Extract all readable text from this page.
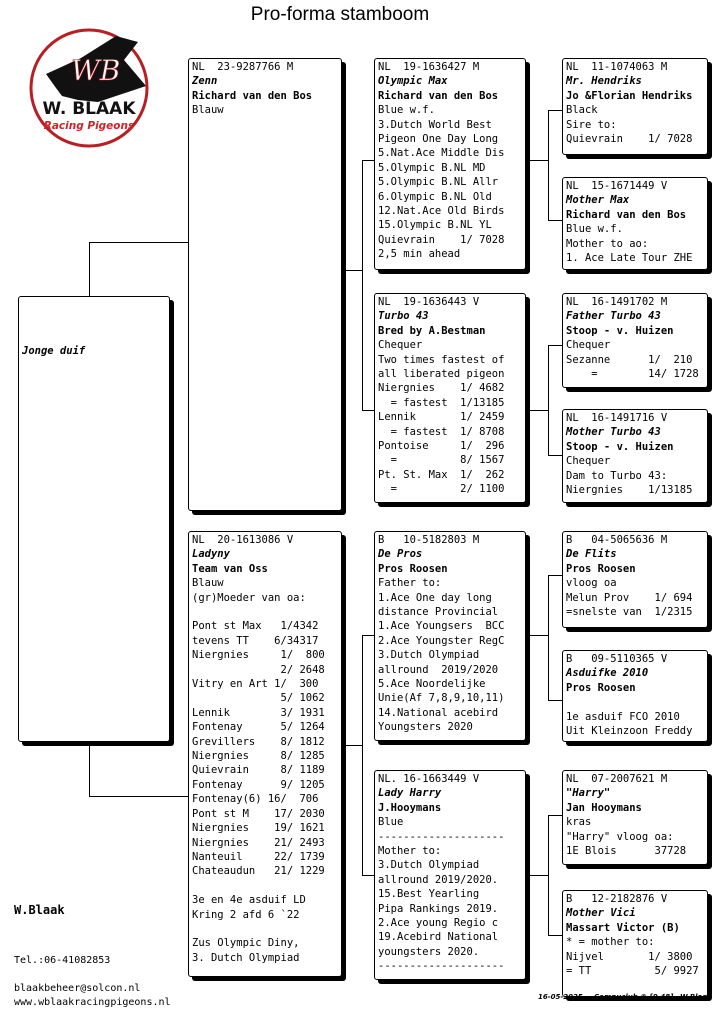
Pro-forma stamboom
WB
W. BLAAK
Racing Pigeons

Jonge duif

NL  23-9287766 M
Zenn
Richard van den Bos
Blauw
NL  20-1613086 V
Ladyny
Team van Oss
Blauw
(gr)Moeder van oa:
Pont st Max   1/4342
tevens TT    6/34317
Niergnies     1/  800
2/ 2648
Vitry en Art 1/  300
5/ 1062
Lennik        3/ 1931
Fontenay      5/ 1264
Grevillers    8/ 1812
Niergnies     8/ 1285
Quievrain     8/ 1189
Fontenay      9/ 1205
Fontenay(6) 16/  706
Pont st M    17/ 2030
Niergnies    19/ 1621
Niergnies    21/ 2493
Nanteuil     22/ 1739
Chateaudun   21/ 1229
3e en 4e asduif LD
Kring 2 afd 6 `22
Zus Olympic Diny,
3. Dutch Olympiad
NL  19-1636427 M
Olympic Max
Richard van den Bos
Blue w.f.
3.Dutch World Best
Pigeon One Day Long
5.Nat.Ace Middle Dis
5.Olympic B.NL MD
5.Olympic B.NL Allr
6.Olympic B.NL Old
12.Nat.Ace Old Birds
15.Olympic B.NL YL
Quievrain    1/ 7028
2,5 min ahead
NL  19-1636443 V
Turbo 43
Bred by A.Bestman
Chequer
Two times fastest of
all liberated pigeon
Niergnies    1/ 4682
= fastest  1/13185
Lennik       1/ 2459
= fastest  1/ 8708
Pontoise     1/  296
=          8/ 1567
Pt. St. Max  1/  262
=          2/ 1100
B   10-5182803 M
De Pros
Pros Roosen
Father to:
1.Ace One day long
distance Provincial
1.Ace Youngsers  BCC
2.Ace Youngster RegC
3.Dutch Olympiad
allround  2019/2020
5.Ace Noordelijke
Unie(Af 7,8,9,10,11)
14.National acebird
Youngsters 2020
NL. 16-1663449 V
Lady Harry
J.Hooymans
Blue
--------------------
Mother to:
3.Dutch Olympiad
allround 2019/2020.
15.Best Yearling
Pipa Rankings 2019.
2.Ace young Regio c
19.Acebird National
youngsters 2020.
--------------------
NL  11-1074063 M
Mr. Hendriks
Jo &Florian Hendriks
Black
Sire to:
Quievrain    1/ 7028
NL  15-1671449 V
Mother Max
Richard van den Bos
Blue w.f.
Mother to ao:
1. Ace Late Tour ZHE
NL  16-1491702 M
Father Turbo 43
Stoop - v. Huizen
Chequer
Sezanne      1/  210
=        14/ 1728
NL  16-1491716 V
Mother Turbo 43
Stoop - v. Huizen
Chequer
Dam to Turbo 43:
Niergnies    1/13185
B   04-5065636 M
De Flits
Pros Roosen
vloog oa
Melun Prov    1/ 694
=snelste van  1/2315
B   09-5110365 V
Asduifke 2010
Pros Roosen
1e asduif FCO 2010
Uit Kleinzoon Freddy
NL  07-2007621 M
"Harry"
Jan Hooymans
kras
"Harry" vloog oa:
1E Blois      37728
B   12-2182876 V
Mother Vici
Massart Victor (B)
* = mother to:
Nijvel       1/ 3800
= TT          5/ 9927
W.Blaak
Tel.:06-41082853
blaakbeheer@solcon.nl
www.wblaakracingpigeons.nl	16-05-2025 Compuclub © [9.48] W.Blaak
